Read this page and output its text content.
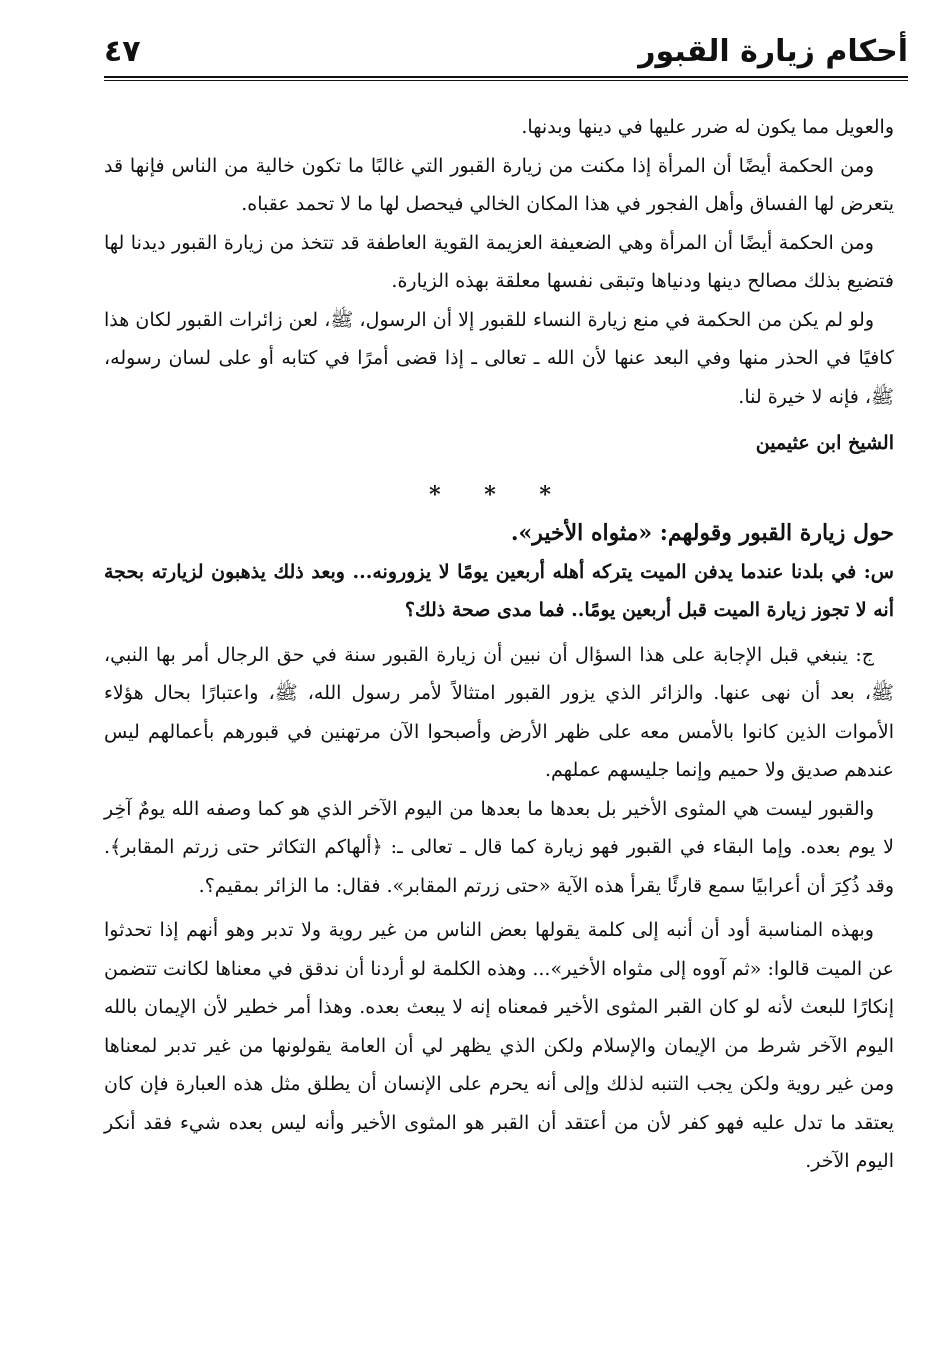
أحكام زيارة القبور
٤٧

والعويل مما يكون له ضرر عليها في دينها وبدنها.

ومن الحكمة أيضًا أن المرأة إذا مكنت من زيارة القبور التي غالبًا ما تكون خالية من الناس فإنها قد يتعرض لها الفساق وأهل الفجور في هذا المكان الخالي فيحصل لها ما لا تحمد عقباه.

ومن الحكمة أيضًا أن المرأة وهي الضعيفة العزيمة القوية العاطفة قد تتخذ من زيارة القبور ديدنا لها فتضيع بذلك مصالح دينها ودنياها وتبقى نفسها معلقة بهذه الزيارة.

ولو لم يكن من الحكمة في منع زيارة النساء للقبور إلا أن الرسول، ﷺ، لعن زائرات القبور لكان هذا كافيًا في الحذر منها وفي البعد عنها لأن الله ـ تعالى ـ إذا قضى أمرًا في كتابه أو على لسان رسوله، ﷺ، فإنه لا خيرة لنا.

الشيخ ابن عثيمين

* * *

حول زيارة القبور وقولهم: «مثواه الأخير».

س: في بلدنا عندما يدفن الميت يتركه أهله أربعين يومًا لا يزورونه... وبعد ذلك يذهبون لزيارته بحجة أنه لا تجوز زيارة الميت قبل أربعين يومًا.. فما مدى صحة ذلك؟

ج: ينبغي قبل الإجابة على هذا السؤال أن نبين أن زيارة القبور سنة في حق الرجال أمر بها النبي، ﷺ، بعد أن نهى عنها. والزائر الذي يزور القبور امتثالاً لأمر رسول الله، ﷺ، واعتبارًا بحال هؤلاء الأموات الذين كانوا بالأمس معه على ظهر الأرض وأصبحوا الآن مرتهنين في قبورهم بأعمالهم ليس عندهم صديق ولا حميم وإنما جليسهم عملهم.

والقبور ليست هي المثوى الأخير بل بعدها ما بعدها من اليوم الآخر الذي هو كما وصفه الله يومٌ آخِر لا يوم بعده. وإما البقاء في القبور فهو زيارة كما قال ـ تعالى ـ: ﴿ألهاكم التكاثر حتى زرتم المقابر﴾. وقد ذُكِرَ أن أعرابيًا سمع قارئًا يقرأ هذه الآية «حتى زرتم المقابر». فقال: ما الزائر بمقيم؟.

وبهذه المناسبة أود أن أنبه إلى كلمة يقولها بعض الناس من غير روية ولا تدبر وهو أنهم إذا تحدثوا عن الميت قالوا: «ثم آووه إلى مثواه الأخير»... وهذه الكلمة لو أردنا أن ندقق في معناها لكانت تتضمن إنكارًا للبعث لأنه لو كان القبر المثوى الأخير فمعناه إنه لا يبعث بعده. وهذا أمر خطير لأن الإيمان بالله اليوم الآخر شرط من الإيمان والإسلام ولكن الذي يظهر لي أن العامة يقولونها من غير تدبر لمعناها ومن غير روية ولكن يجب التنبه لذلك وإلى أنه يحرم على الإنسان أن يطلق مثل هذه العبارة فإن كان يعتقد ما تدل عليه فهو كفر لأن من أعتقد أن القبر هو المثوى الأخير وأنه ليس بعده شيء فقد أنكر اليوم الآخر.
